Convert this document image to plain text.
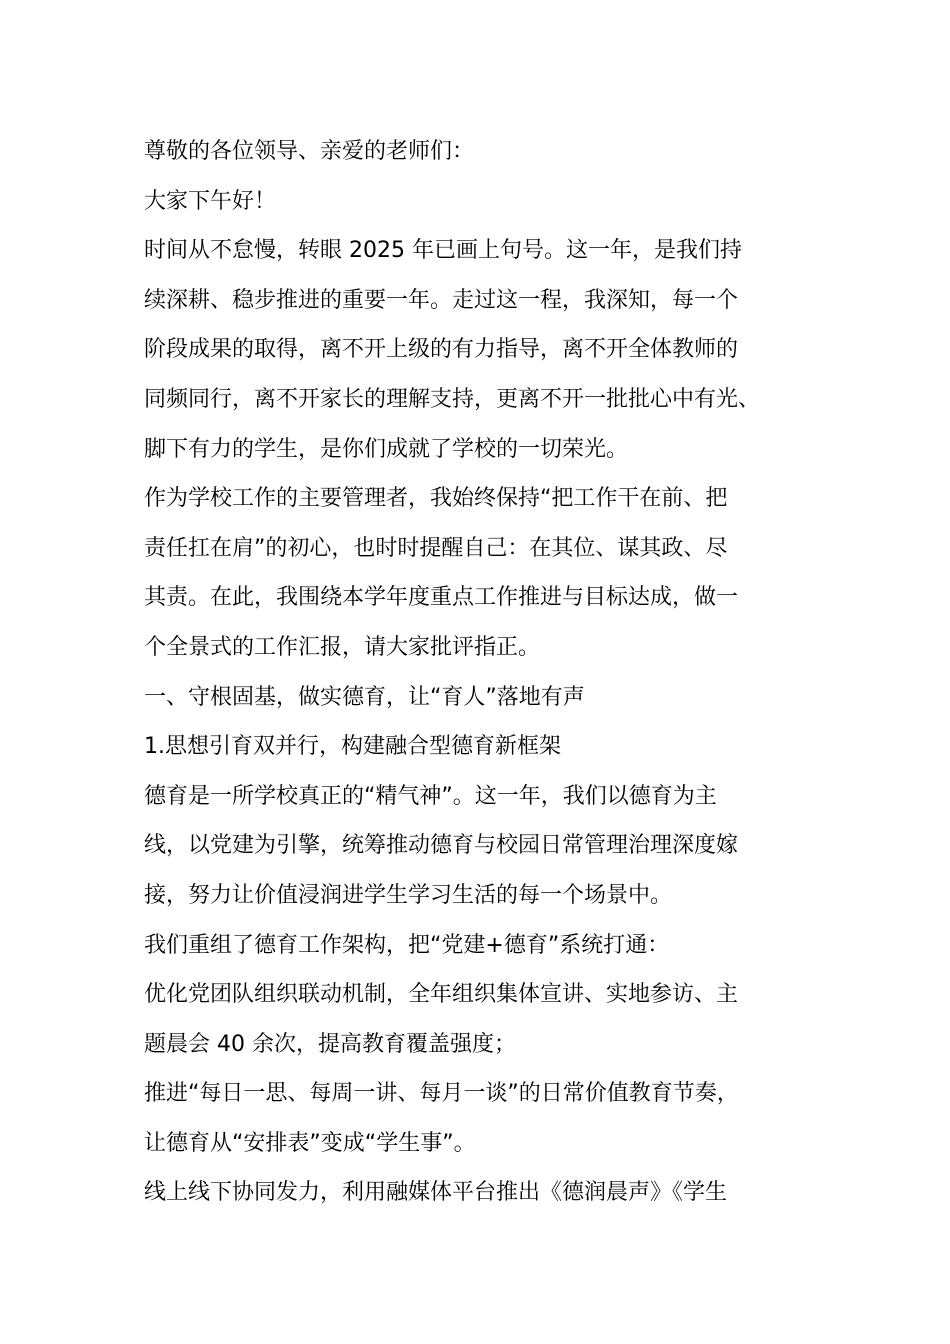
尊敬的各位领导、亲爱的老师们：

大家下午好！

时间从不怠慢，转眼 2025 年已画上句号。这一年，是我们持

续深耕、稳步推进的重要一年。走过这一程，我深知，每一个

阶段成果的取得，离不开上级的有力指导，离不开全体教师的

同频同行，离不开家长的理解支持，更离不开一批批心中有光、

脚下有力的学生，是你们成就了学校的一切荣光。

作为学校工作的主要管理者，我始终保持“把工作干在前、把

责任扛在肩”的初心，也时时提醒自己：在其位、谋其政、尽

其责。在此，我围绕本学年度重点工作推进与目标达成，做一

个全景式的工作汇报，请大家批评指正。

一、守根固基，做实德育，让“育人”落地有声

1.思想引育双并行，构建融合型德育新框架

德育是一所学校真正的“精气神”。这一年，我们以德育为主

线，以党建为引擎，统筹推动德育与校园日常管理治理深度嫁

接，努力让价值浸润进学生学习生活的每一个场景中。

我们重组了德育工作架构，把“党建+德育”系统打通：

优化党团队组织联动机制，全年组织集体宣讲、实地参访、主

题晨会 40 余次，提高教育覆盖强度；

推进“每日一思、每周一讲、每月一谈”的日常价值教育节奏，

让德育从“安排表”变成“学生事”。

线上线下协同发力，利用融媒体平台推出《德润晨声》《学生
